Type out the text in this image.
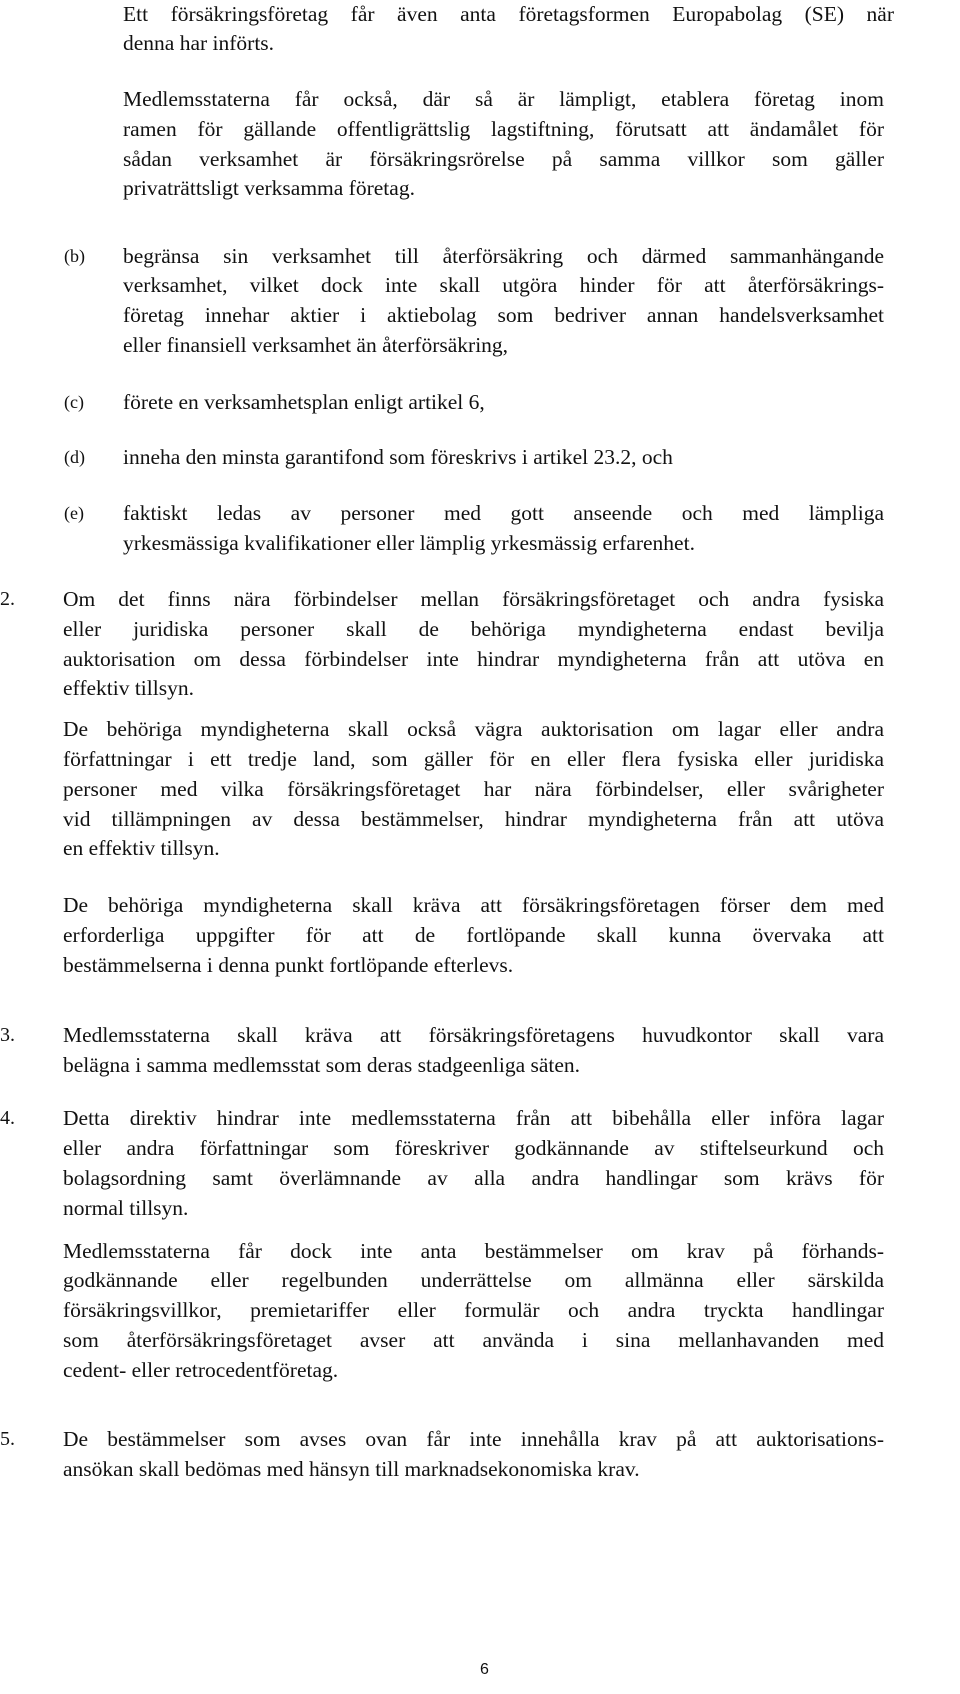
Ett försäkringsföretag får även anta företagsformen Europabolag (SE) när
denna har införts.
Medlemsstaterna får också, där så är lämpligt, etablera företag inom
ramen för gällande offentligrättslig lagstiftning, förutsatt att ändamålet för
sådan verksamhet är försäkringsrörelse på samma villkor som gäller
privaträttsligt verksamma företag.
(b) begränsa sin verksamhet till återförsäkring och därmed sammanhängande
verksamhet, vilket dock inte skall utgöra hinder för att återförsäkrings-
företag innehar aktier i aktiebolag som bedriver annan handelsverksamhet
eller finansiell verksamhet än återförsäkring,
(c) förete en verksamhetsplan enligt artikel 6,
(d) inneha den minsta garantifond som föreskrivs i artikel 23.2, och
(e) faktiskt ledas av personer med gott anseende och med lämpliga
yrkesmässiga kvalifikationer eller lämplig yrkesmässig erfarenhet.
2. Om det finns nära förbindelser mellan försäkringsföretaget och andra fysiska
eller juridiska personer skall de behöriga myndigheterna endast bevilja
auktorisation om dessa förbindelser inte hindrar myndigheterna från att utöva en
effektiv tillsyn.
De behöriga myndigheterna skall också vägra auktorisation om lagar eller andra
författningar i ett tredje land, som gäller för en eller flera fysiska eller juridiska
personer med vilka försäkringsföretaget har nära förbindelser, eller svårigheter
vid tillämpningen av dessa bestämmelser, hindrar myndigheterna från att utöva
en effektiv tillsyn.
De behöriga myndigheterna skall kräva att försäkringsföretagen förser dem med
erforderliga uppgifter för att de fortlöpande skall kunna övervaka att
bestämmelserna i denna punkt fortlöpande efterlevs.
3. Medlemsstaterna skall kräva att försäkringsföretagens huvudkontor skall vara
belägna i samma medlemsstat som deras stadgeenliga säten.
4. Detta direktiv hindrar inte medlemsstaterna från att bibehålla eller införa lagar
eller andra författningar som föreskriver godkännande av stiftelseurkund och
bolagsordning samt överlämnande av alla andra handlingar som krävs för
normal tillsyn.
Medlemsstaterna får dock inte anta bestämmelser om krav på förhands-
godkännande eller regelbunden underrättelse om allmänna eller särskilda
försäkringsvillkor, premietariffer eller formulär och andra tryckta handlingar
som återförsäkringsföretaget avser att använda i sina mellanhavanden med
cedent- eller retrocedentföretag.
5. De bestämmelser som avses ovan får inte innehålla krav på att auktorisations-
ansökan skall bedömas med hänsyn till marknadsekonomiska krav.
6
